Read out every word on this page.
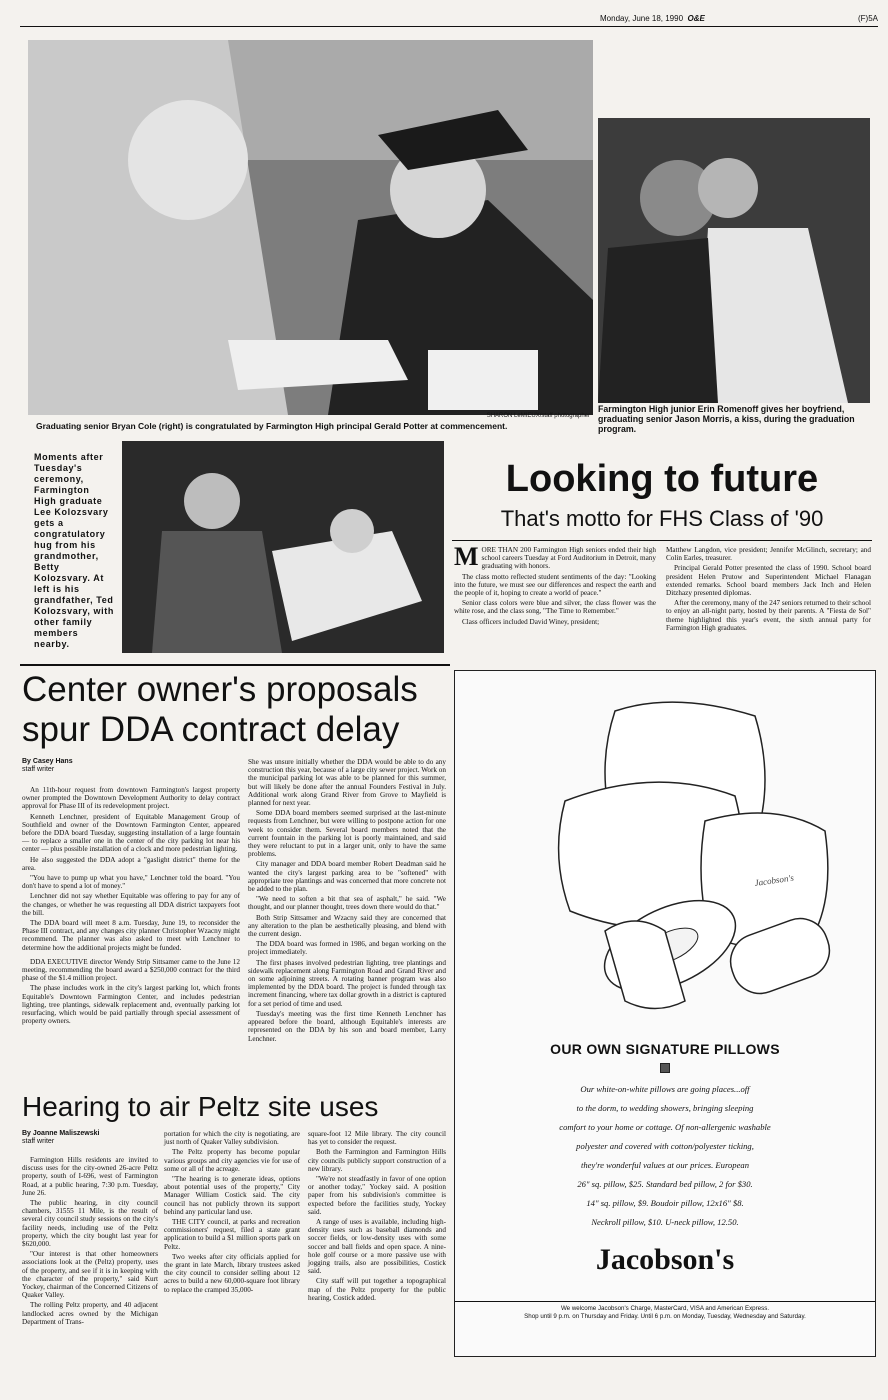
Monday, June 18, 1990 O&E	(F)5A
SHARON LeMIEUX/staff photographer
Graduating senior Bryan Cole (right) is congratulated by Farmington High principal Gerald Potter at commencement.
Farmington High junior Erin Romenoff gives her boyfriend, graduating senior Jason Morris, a kiss, during the graduation program.
Moments after Tuesday's ceremony, Farmington High graduate Lee Kolozsvary gets a congratulatory hug from his grandmother, Betty Kolozsvary. At left is his grandfather, Ted Kolozsvary, with other family members nearby.
Looking to future
That's motto for FHS Class of '90
M ORE THAN 200 Farmington High seniors ended their high school careers Tuesday at Ford Auditorium in Detroit, many graduating with honors.

The class motto reflected student sentiments of the day: "Looking into the future, we must see our differences and respect the earth and the people of it, hoping to create a world of peace."

Senior class colors were blue and silver, the class flower was the white rose, and the class song, "The Time to Remember."

Class officers included David Winey, president;

Matthew Langdon, vice president; Jennifer McGlinch, secretary; and Colin Earles, treasurer.

Principal Gerald Potter presented the class of 1990. School board president Helen Prutow and Superintendent Michael Flanagan extended remarks. School board members Jack Inch and Helen Ditzhazy presented diplomas.

After the ceremony, many of the 247 seniors returned to their school to enjoy an all-night party, hosted by their parents. A "Fiesta de Sol" theme highlighted this year's event, the sixth annual party for Farmington High graduates.

Center owner's proposals
spur DDA contract delay
By Casey Hans
staff writer

An 11th-hour request from downtown Farmington's largest property owner prompted the Downtown Development Authority to delay contract approval for Phase III of its redevelopment project.

Kenneth Lenchner, president of Equitable Management Group of Southfield and owner of the Downtown Farmington Center, appeared before the DDA board Tuesday, suggesting installation of a large fountain — to replace a smaller one in the center of the city parking lot near his center — plus possible installation of a clock and more pedestrian lighting.

He also suggested the DDA adopt a "gaslight district" theme for the area.

"You have to pump up what you have," Lenchner told the board. "You don't have to spend a lot of money."

Lenchner did not say whether Equitable was offering to pay for any of the changes, or whether he was requesting all DDA district taxpayers foot the bill.

The DDA board will meet 8 a.m. Tuesday, June 19, to reconsider the Phase III contract, and any changes city planner Christopher Wzacny might recommend. The planner was also asked to meet with Lenchner to determine how the additional projects might be funded.

DDA EXECUTIVE director Wendy Strip Sittsamer came to the June 12 meeting, recommending the board award a $250,000 contract for the third phase of the $1.4 million project.

The phase includes work in the city's largest parking lot, which fronts Equitable's Downtown Farmington Center, and includes pedestrian lighting, tree plantings, sidewalk replacement and, eventually parking lot resurfacing, which would be paid partially through special assessment of property owners.

She was unsure initially whether the DDA would be able to do any construction this year, because of a large city sewer project. Work on the municipal parking lot was able to be planned for this summer, but will likely be done after the annual Founders Festival in July. Additional work along Grand River from Grove to Mayfield is planned for next year.

Some DDA board members seemed surprised at the last-minute requests from Lenchner, but were willing to postpone action for one week to consider them. Several board members noted that the current fountain in the parking lot is poorly maintained, and said they were reluctant to put in a larger unit, only to have the same problems.

City manager and DDA board member Robert Deadman said he wanted the city's largest parking area to be "softened" with appropriate tree plantings and was concerned that more concrete not be added to the plan.

"We need to soften a bit that sea of asphalt," he said. "We thought, and our planner thought, trees down there would do that."

Both Strip Sittsamer and Wzacny said they are concerned that any alteration to the plan be aesthetically pleasing, and blend with the current design.

The DDA board was formed in 1986, and began working on the project immediately.

The first phases involved pedestrian lighting, tree plantings and sidewalk replacement along Farmington Road and Grand River and on some adjoining streets. A rotating banner program was also implemented by the DDA board. The project is funded through tax increment financing, where tax dollar growth in a district is captured for a set period of time and used.

Tuesday's meeting was the first time Kenneth Lenchner has appeared before the board, although Equitable's interests are represented on the DDA by his son and board member, Larry Lenchner.

Hearing to air Peltz site uses
By Joanne Maliszewski
staff writer

Farmington Hills residents are invited to discuss uses for the city-owned 26-acre Peltz property, south of I-696, west of Farmington Road, at a public hearing, 7:30 p.m. Tuesday, June 26.

The public hearing, in city council chambers, 31555 11 Mile, is the result of several city council study sessions on the city's facility needs, including use of the Peltz property, which the city bought last year for $620,000.

"Our interest is that other homeowners associations look at the (Peltz) property, uses of the property, and see if it is in keeping with the character of the property," said Kurt Yockey, chairman of the Concerned Citizens of Quaker Valley.

The rolling Peltz property, and 40 adjacent landlocked acres owned by the Michigan Department of Trans-

portation for which the city is negotiating, are just north of Quaker Valley subdivision.

The Peltz property has become popular various groups and city agencies vie for use of some or all of the acreage.

"The hearing is to generate ideas, options about potential uses of the property," City Manager William Costick said. The city council has not publicly thrown its support behind any particular land use.

THE CITY council, at parks and recreation commissioners' request, filed a state grant application to build a $1 million sports park on Peltz.

Two weeks after city officials applied for the grant in late March, library trustees asked the city council to consider selling about 12 acres to build a new 60,000-square foot library to replace the cramped 35,000-

square-foot 12 Mile library. The city council has yet to consider the request.

Both the Farmington and Farmington Hills city councils publicly support construction of a new library.

"We're not steadfastly in favor of one option or another today," Yockey said. A position paper from his subdivision's committee is expected before the facilities study, Yockey said.

A range of uses is available, including high-density uses such as baseball diamonds and soccer fields, or low-density uses with some soccer and ball fields and open space. A nine-hole golf course or a more passive use with jogging trails, also are possibilities, Costick said.

City staff will put together a topographical map of the Peltz property for the public hearing, Costick added.

Jacobson's
OUR OWN SIGNATURE PILLOWS
Our white-on-white pillows are going places...off
to the dorm, to wedding showers, bringing sleeping
comfort to your home or cottage. Of non-allergenic washable
polyester and covered with cotton/polyester ticking,
they're wonderful values at our prices. European
26" sq. pillow, $25. Standard bed pillow, 2 for $30.
14" sq. pillow, $9. Boudoir pillow, 12x16" $8.
Neckroll pillow, $10. U-neck pillow, 12.50.
Jacobson's
We welcome Jacobson's Charge, MasterCard, VISA and American Express.
Shop until 9 p.m. on Thursday and Friday. Until 6 p.m. on Monday, Tuesday, Wednesday and Saturday.
